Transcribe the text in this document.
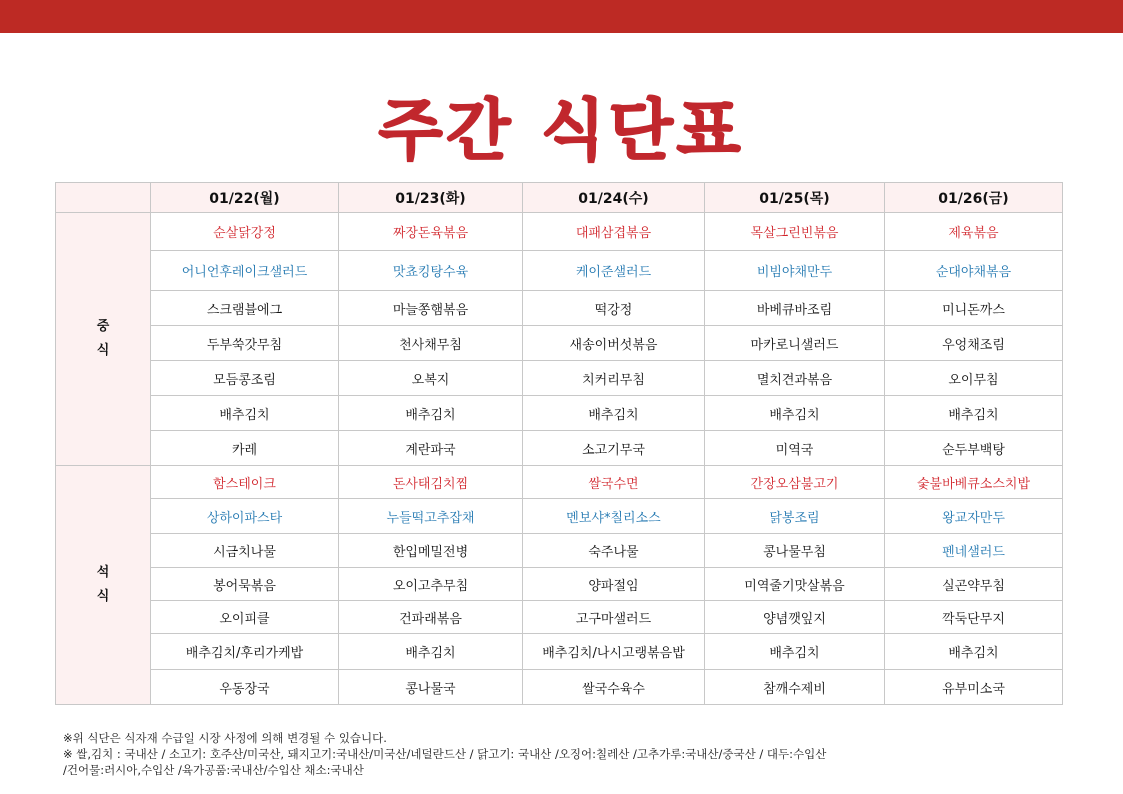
주간 식단표
	01/22(월)	01/23(화)	01/24(수)	01/25(목)	01/26(금)

중
식	순살닭강정	짜장돈육볶음	대패삼겹볶음	목살그린빈볶음	제육볶음
	어니언후레이크샐러드	맛쵸킹탕수육	케이준샐러드	비빔야채만두	순대야채볶음
	스크램블에그	마늘쫑햄볶음	떡강정	바베큐바조림	미니돈까스
	두부쑥갓무침	천사채무침	새송이버섯볶음	마카로니샐러드	우엉채조림
	모듬콩조림	오복지	치커리무침	멸치견과볶음	오이무침
	배추김치	배추김치	배추김치	배추김치	배추김치
	카레	계란파국	소고기무국	미역국	순두부백탕

석
식	함스테이크	돈사태김치찜	쌀국수면	간장오삼불고기	숯불바베큐소스치밥
	상하이파스타	누들떡고추잡채	멘보샤*칠리소스	닭봉조림	왕교자만두
	시금치나물	한입메밀전병	숙주나물	콩나물무침	펜네샐러드
	봉어묵볶음	오이고추무침	양파절임	미역줄기맛살볶음	실곤약무침
	오이피클	건파래볶음	고구마샐러드	양념깻잎지	깍둑단무지
	배추김치/후리가케밥	배추김치	배추김치/나시고랭볶음밥	배추김치	배추김치
	우동장국	콩나물국	쌀국수육수	참깨수제비	유부미소국
※위 식단은 식자재 수급일 시장 사정에 의해 변경될 수 있습니다.
※ 쌀,김치 : 국내산 / 소고기: 호주산/미국산, 돼지고기:국내산/미국산/네덜란드산 / 닭고기: 국내산 /오징어:칠레산 /고추가루:국내산/중국산 / 대두:수입산
/건어물:러시아,수입산 /육가공품:국내산/수입산 채소:국내산
